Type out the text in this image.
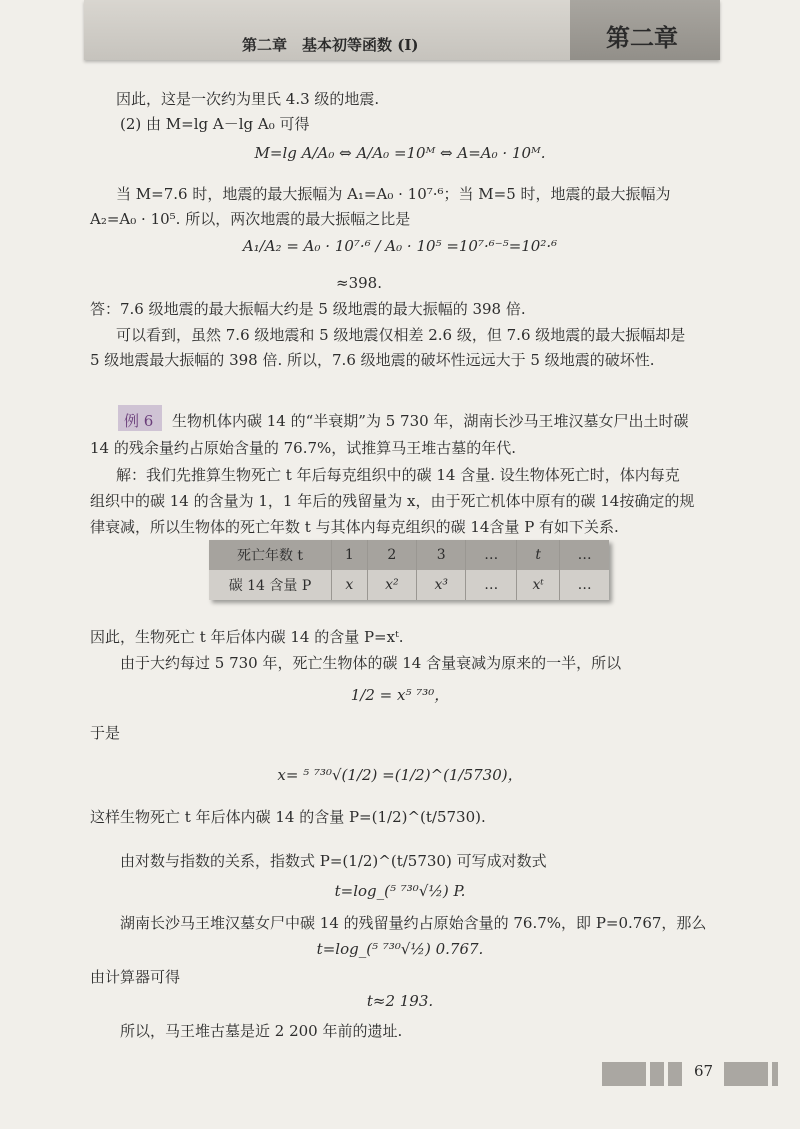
第二章　基本初等函数 (Ⅰ)	第二章
因此，这是一次约为里氏 4.3 级的地震.
(2) 由 M=lg A－lg A₀ 可得
M=lg A/A₀ ⇔ A/A₀ =10ᴹ ⇔ A=A₀ · 10ᴹ.
当 M=7.6 时，地震的最大振幅为 A₁=A₀ · 10⁷·⁶；当 M=5 时，地震的最大振幅为
A₂=A₀ · 10⁵. 所以，两次地震的最大振幅之比是
A₁/A₂ = A₀ · 10⁷·⁶ / A₀ · 10⁵ =10⁷·⁶⁻⁵=10²·⁶
≈398.
答：7.6 级地震的最大振幅大约是 5 级地震的最大振幅的 398 倍.
可以看到，虽然 7.6 级地震和 5 级地震仅相差 2.6 级，但 7.6 级地震的最大振幅却是
5 级地震最大振幅的 398 倍. 所以，7.6 级地震的破坏性远远大于 5 级地震的破坏性.
例 6 生物机体内碳 14 的“半衰期”为 5 730 年，湖南长沙马王堆汉墓女尸出土时碳
14 的残余量约占原始含量的 76.7%，试推算马王堆古墓的年代.
解：我们先推算生物死亡 t 年后每克组织中的碳 14 含量. 设生物体死亡时，体内每克
组织中的碳 14 的含量为 1，1 年后的残留量为 x，由于死亡机体中原有的碳 14按确定的规
律衰减，所以生物体的死亡年数 t 与其体内每克组织的碳 14含量 P 有如下关系.
死亡年数 t	1	2	3	…	t	…
碳 14 含量 P	x	x²	x³	…	xᵗ	…
因此，生物死亡 t 年后体内碳 14 的含量 P=xᵗ.
由于大约每过 5 730 年，死亡生物体的碳 14 含量衰减为原来的一半，所以
1/2 = x⁵ ⁷³⁰，
于是
x= ⁵ ⁷³⁰√(1/2) =(1/2)^(1/5730)，
这样生物死亡 t 年后体内碳 14 的含量 P=(1/2)^(t/5730).
由对数与指数的关系，指数式 P=(1/2)^(t/5730) 可写成对数式
t=log_(⁵ ⁷³⁰√½) P.
湖南长沙马王堆汉墓女尸中碳 14 的残留量约占原始含量的 76.7%，即 P=0.767，那么
t=log_(⁵ ⁷³⁰√½) 0.767.
由计算器可得
t≈2 193.
所以，马王堆古墓是近 2 200 年前的遗址.
67
